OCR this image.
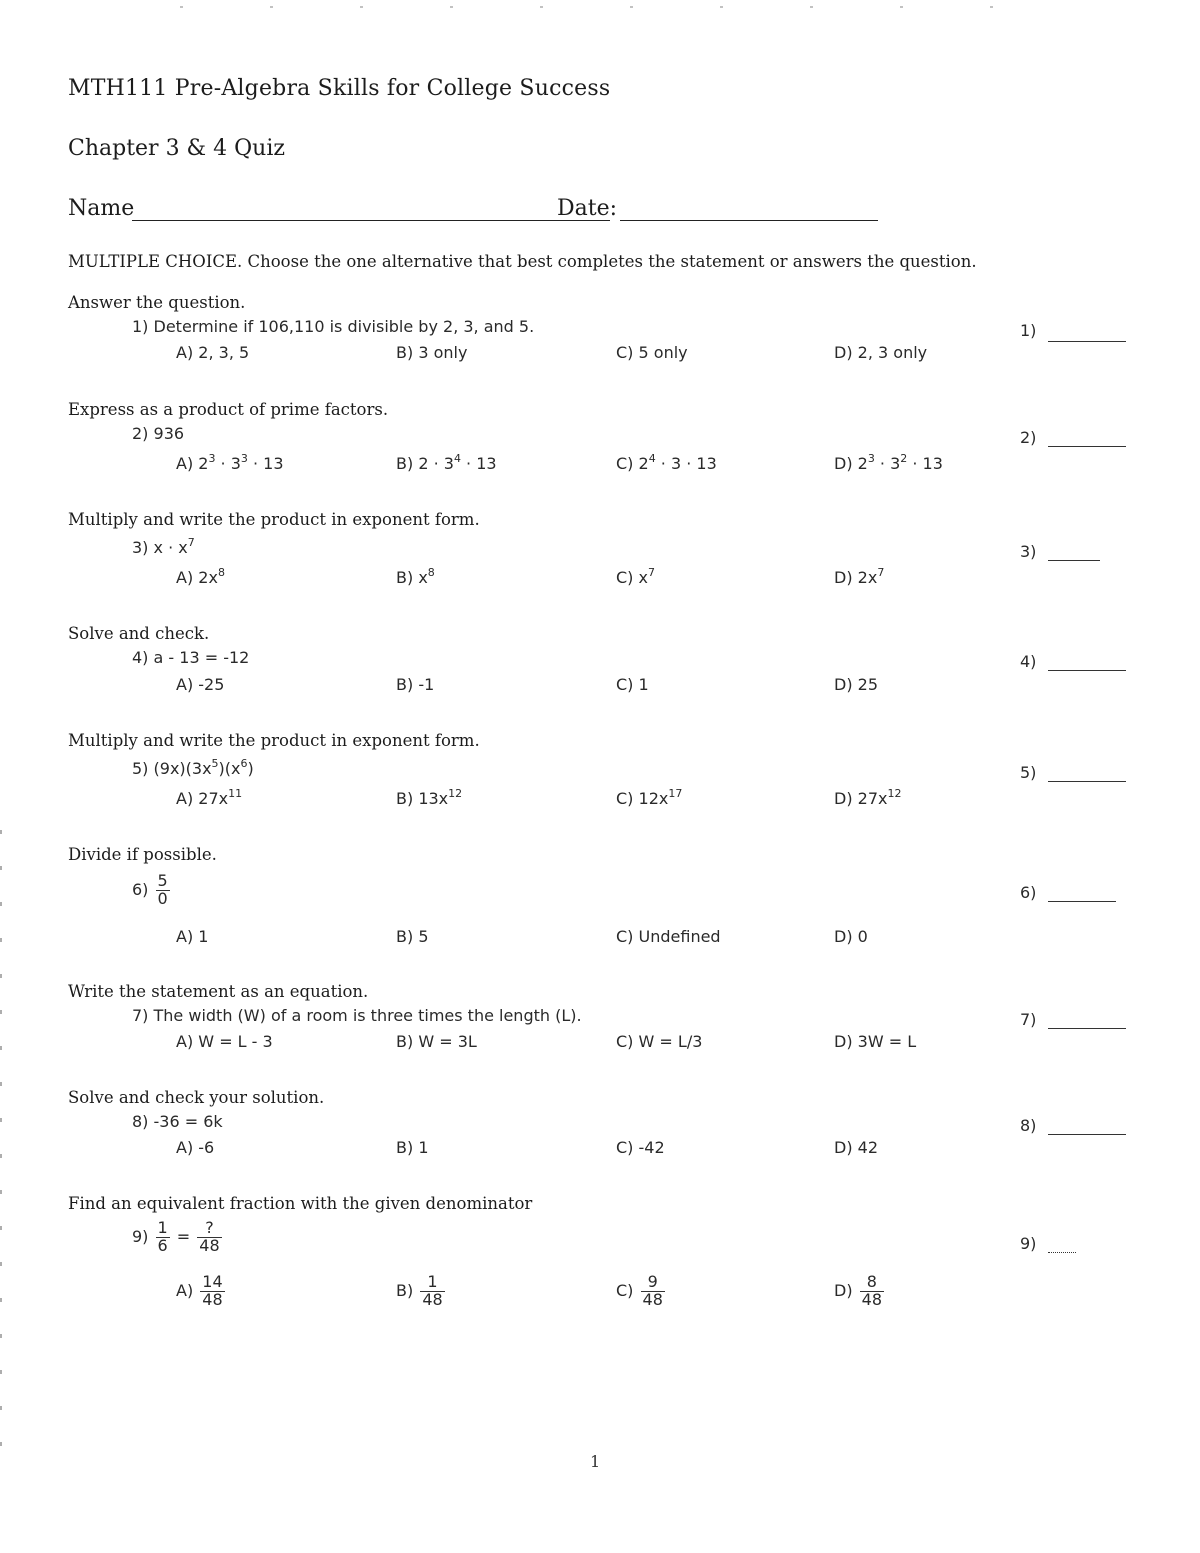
MTH111 Pre-Algebra Skills for College Success
Chapter 3 & 4 Quiz
Name	Date:
MULTIPLE CHOICE. Choose the one alternative that best completes the statement or answers the question.
Answer the question.
1) Determine if 106,110 is divisible by 2, 3, and 5.
A) 2, 3, 5	B) 3 only	C) 5 only	D) 2, 3 only
1)
Express as a product of prime factors.
2) 936
A) $2^3 \cdot 3^3 \cdot 13$	B) $2 \cdot 3^4 \cdot 13$	C) $2^4 \cdot 3 \cdot 13$	D) $2^3 \cdot 3^2 \cdot 13$
2)
Multiply and write the product in exponent form.
3) $x \cdot x^7$
A) $2x^8$	B) $x^8$	C) $x^7$	D) $2x^7$
3)
Solve and check.
4) a - 13 = -12
A) -25	B) -1	C) 1	D) 25
4)
Multiply and write the product in exponent form.
5) $(9x)(3x^5)(x^6)$
A) $27x^{11}$	B) $13x^{12}$	C) $12x^{17}$	D) $27x^{12}$
5)
Divide if possible.
$6) \frac{5}{0}$
A) 1	B) 5	C) Undefined	D) 0
6)
Write the statement as an equation.
7) The width (W) of a room is three times the length (L).
A) W = L - 3	B) W = 3L	C) W = L/3	D) 3W = L
7)
Solve and check your solution.
8) -36 = 6k
A) -6	B) 1	C) -42	D) 42
8)
Find an equivalent fraction with the given denominator
$9) \frac{1}{6} = \frac{?}{48}$
$A) \frac{14}{48}$	$B) \frac{1}{48}$	$C) \frac{9}{48}$	$D) \frac{8}{48}$
9)
1
